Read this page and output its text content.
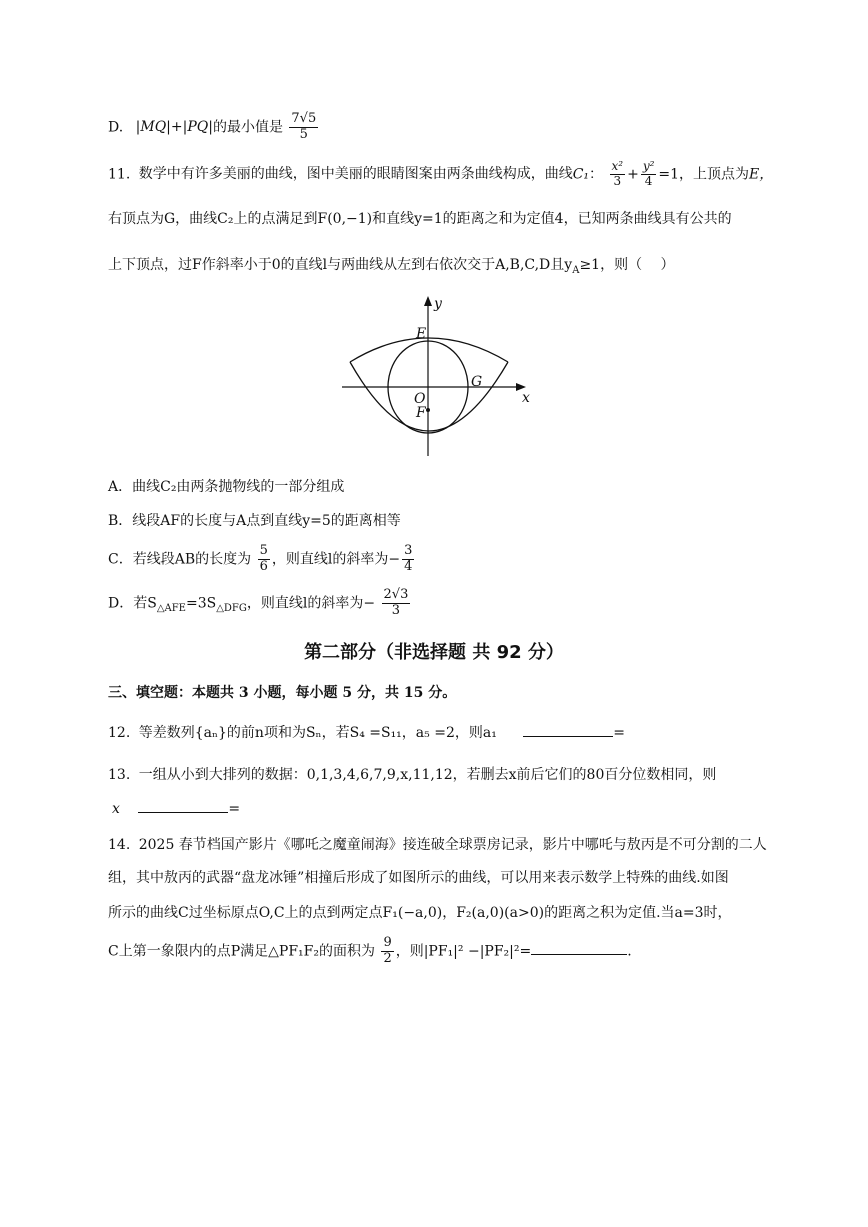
D. |MQ|+|PQ|的最小值是 $\frac{7√5}{5}$
11. 数学中有许多美丽的曲线，图中美丽的眼睛图案由两条曲线构成，曲线C₁： $\frac{\text{x²}}{3} + \frac{\text{y²}}{4} =1$，上顶点为E，
右顶点为G，曲线C₂上的点满足到F(0,−1)和直线y=1的距离之和为定值4，已知两条曲线具有公共的
上下顶点，过F作斜率小于0的直线l与两曲线从左到右依次交于A,B,C,D且$y_A\ge 1$，则（　 ）
y
x
E
G
O
F
A．曲线C₂由两条抛物线的一部分组成
B．线段AF的长度与A点到直线y=5的距离相等
C．若线段AB的长度为 $\frac{5}{6}$ ，则直线l的斜率为− $\frac{3}{4}$
D．若$S_{\triangle AFE}=3S_{\triangle DFG}$，则直线l的斜率为− $\frac{2√3}{3}$
第二部分（非选择题 共 92 分）
三、填空题：本题共 3 小题，每小题 5 分，共 15 分。
12. 等差数列{aₙ}的前n项和为Sₙ，若S₄ =S₁₁，a₅ =2，则a₁	=
13. 一组从小到大排列的数据：0,1,3,4,6,7,9,x,11,12，若删去x前后它们的80百分位数相同，则
x	=
14. 2025 春节档国产影片《哪吒之魔童闹海》接连破全球票房记录，影片中哪吒与敖丙是不可分割的二人
组，其中敖丙的武器“盘龙冰锤”相撞后形成了如图所示的曲线，可以用来表示数学上特殊的曲线.如图
所示的曲线C过坐标原点O,C上的点到两定点F₁(−a,0)，F₂(a,0)(a>0)的距离之积为定值.当a=3时，
C上第一象限内的点P满足△PF₁F₂的面积为 $\frac{9}{2}$ ，则|PF₁|² −|PF₂|²=	.
